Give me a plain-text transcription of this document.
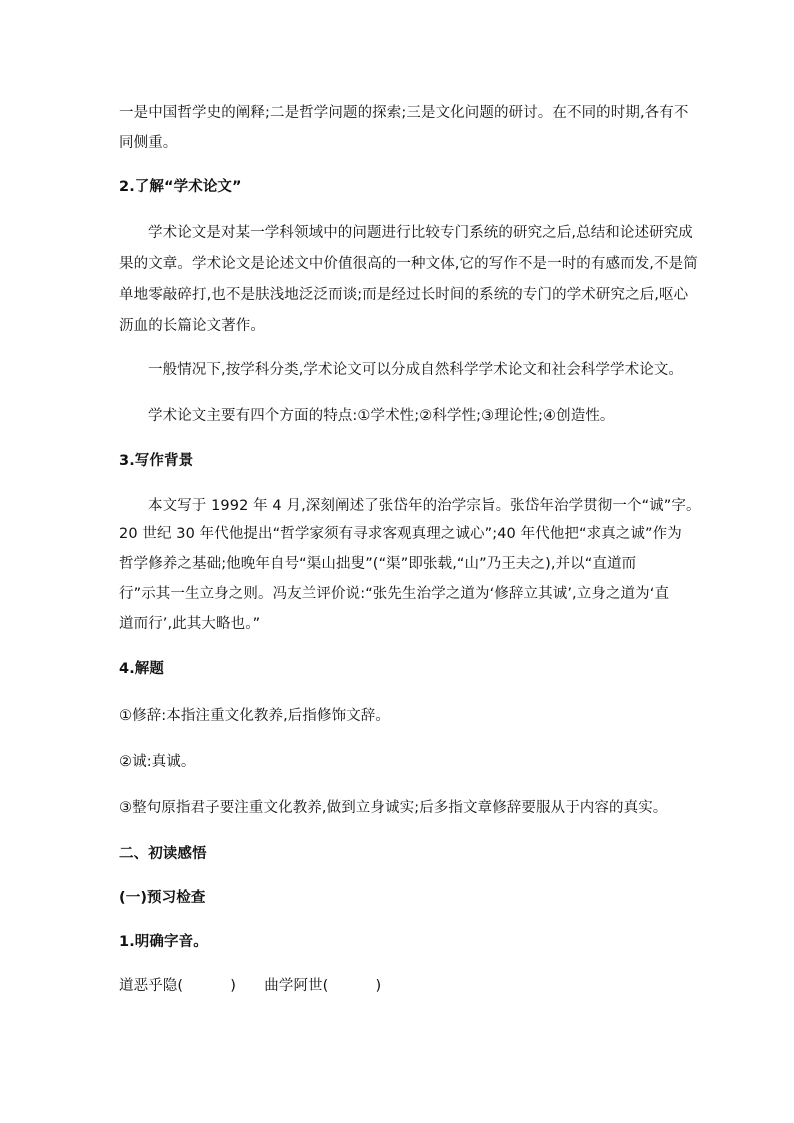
一是中国哲学史的阐释;二是哲学问题的探索;三是文化问题的研讨。在不同的时期,各有不
同侧重。
2.了解“学术论文”
学术论文是对某一学科领域中的问题进行比较专门系统的研究之后,总结和论述研究成
果的文章。学术论文是论述文中价值很高的一种文体,它的写作不是一时的有感而发,不是简
单地零敲碎打,也不是肤浅地泛泛而谈;而是经过长时间的系统的专门的学术研究之后,呕心
沥血的长篇论文著作。
一般情况下,按学科分类,学术论文可以分成自然科学学术论文和社会科学学术论文。
学术论文主要有四个方面的特点:①学术性;②科学性;③理论性;④创造性。
3.写作背景
本文写于 1992 年 4 月,深刻阐述了张岱年的治学宗旨。张岱年治学贯彻一个“诚”字。
20 世纪 30 年代他提出“哲学家须有寻求客观真理之诚心”;40 年代他把“求真之诚”作为
哲学修养之基础;他晚年自号“渠山拙叟”(“渠”即张载,“山”乃王夫之),并以“直道而
行”示其一生立身之则。冯友兰评价说:“张先生治学之道为‘修辞立其诚’,立身之道为‘直
道而行’,此其大略也。”
4.解题
①修辞:本指注重文化教养,后指修饰文辞。
②诚:真诚。
③整句原指君子要注重文化教养,做到立身诚实;后多指文章修辞要服从于内容的真实。
二、初读感悟
(一)预习检查
1.明确字音。
道恶乎隐(          )      曲学阿世(          )
